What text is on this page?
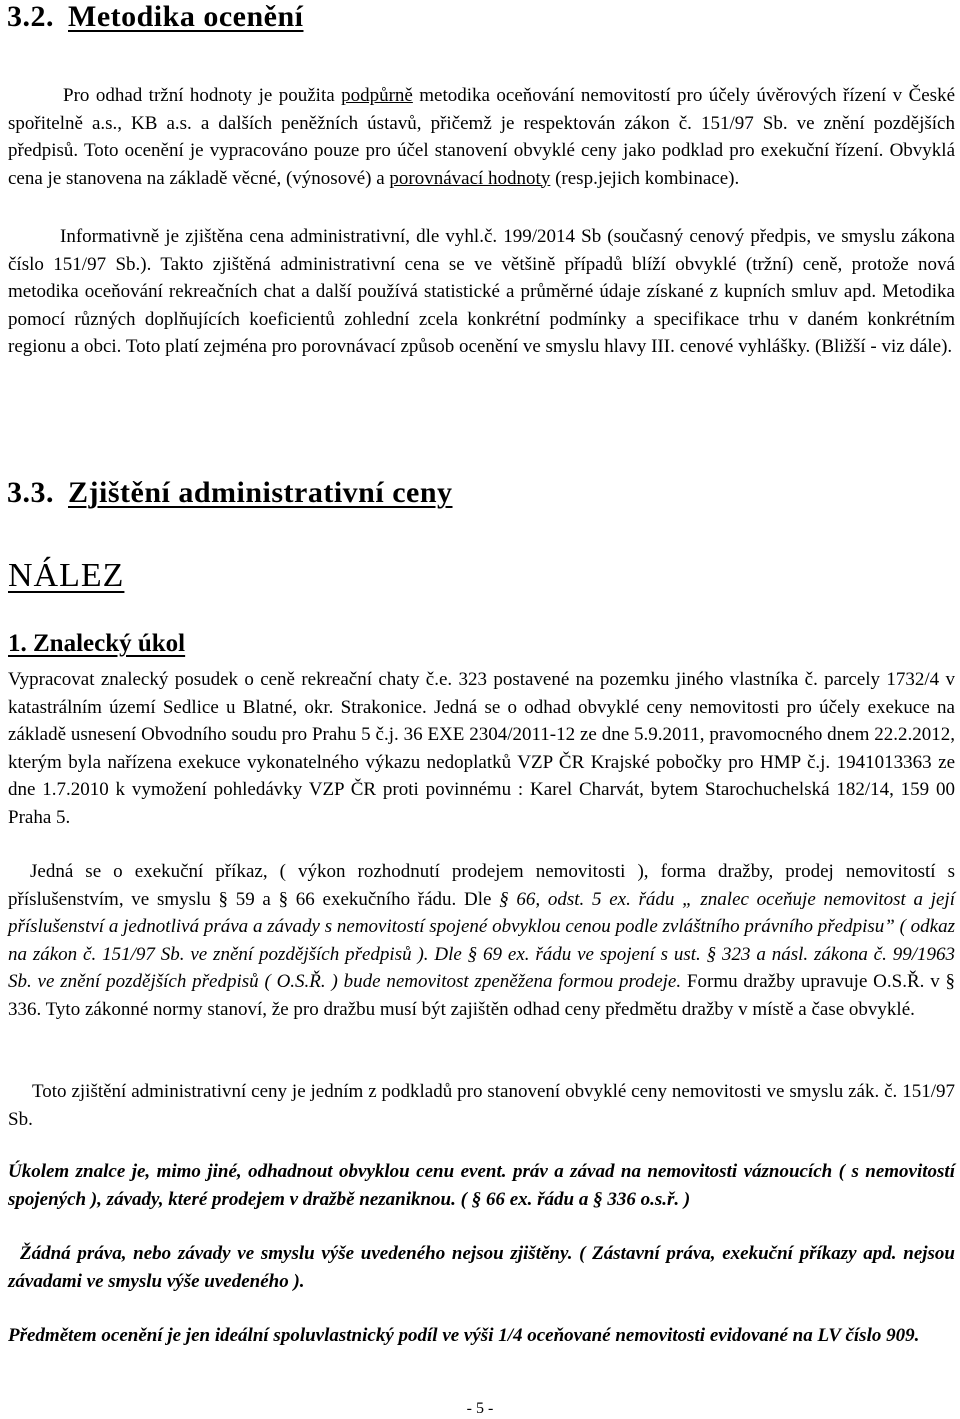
3.2. Metodika ocenění
Pro odhad tržní hodnoty je použita podpůrně metodika oceňování nemovitostí pro účely úvěrových řízení v České spořitelně a.s., KB a.s. a dalších peněžních ústavů, přičemž je respektován zákon č. 151/97 Sb. ve znění pozdějších předpisů. Toto ocenění je vypracováno pouze pro účel stanovení obvyklé ceny jako podklad pro exekuční řízení. Obvyklá cena je stanovena na základě věcné, (výnosové) a porovnávací hodnoty (resp.jejich kombinace).
Informativně je zjištěna cena administrativní, dle vyhl.č. 199/2014 Sb (současný cenový předpis, ve smyslu zákona číslo 151/97 Sb.). Takto zjištěná administrativní cena se ve většině případů blíží obvyklé (tržní) ceně, protože nová metodika oceňování rekreačních chat a další používá statistické a průměrné údaje získané z kupních smluv apd. Metodika pomocí různých doplňujících koeficientů zohlední zcela konkrétní podmínky a specifikace trhu v daném konkrétním regionu a obci. Toto platí zejména pro porovnávací způsob ocenění ve smyslu hlavy III. cenové vyhlášky. (Bližší - viz dále).
3.3. Zjištění administrativní ceny
NÁLEZ
1. Znalecký úkol
Vypracovat znalecký posudek o ceně rekreační chaty č.e. 323 postavené na pozemku jiného vlastníka č. parcely 1732/4 v katastrálním území Sedlice u Blatné, okr. Strakonice. Jedná se o odhad obvyklé ceny nemovitosti pro účely exekuce na základě usnesení Obvodního soudu pro Prahu 5 č.j. 36 EXE 2304/2011-12 ze dne 5.9.2011, pravomocného dnem 22.2.2012, kterým byla nařízena exekuce vykonatelného výkazu nedoplatků VZP ČR Krajské pobočky pro HMP č.j. 1941013363 ze dne 1.7.2010 k vymožení pohledávky VZP ČR proti povinnému : Karel Charvát, bytem Starochuchelská 182/14, 159 00 Praha 5.
Jedná se o exekuční příkaz, ( výkon rozhodnutí prodejem nemovitosti ), forma dražby, prodej nemovitostí s příslušenstvím, ve smyslu § 59 a § 66 exekučního řádu. Dle § 66, odst. 5 ex. řádu „ znalec oceňuje nemovitost a její příslušenství a jednotlivá práva a závady s nemovitostí spojené obvyklou cenou podle zvláštního právního předpisu” ( odkaz na zákon č. 151/97 Sb. ve znění pozdějších předpisů ). Dle § 69 ex. řádu ve spojení s ust. § 323 a násl. zákona č. 99/1963 Sb. ve znění pozdějších předpisů ( O.S.Ř. ) bude nemovitost zpeněžena formou prodeje. Formu dražby upravuje O.S.Ř. v § 336. Tyto zákonné normy stanoví, že pro dražbu musí být zajištěn odhad ceny předmětu dražby v místě a čase obvyklé.
Toto zjištění administrativní ceny je jedním z podkladů pro stanovení obvyklé ceny nemovitosti ve smyslu zák. č. 151/97 Sb.
Úkolem znalce je, mimo jiné, odhadnout obvyklou cenu event. práv a závad na nemovitosti váznoucích ( s nemovitostí spojených ), závady, které prodejem v dražbě nezaniknou. ( § 66 ex. řádu a § 336 o.s.ř. )
Žádná práva, nebo závady ve smyslu výše uvedeného nejsou zjištěny. ( Zástavní práva, exekuční příkazy apd. nejsou závadami ve smyslu výše uvedeného ).
Předmětem ocenění je jen ideální spoluvlastnický podíl ve výši 1/4 oceňované nemovitosti evidované na LV číslo 909.
- 5 -
